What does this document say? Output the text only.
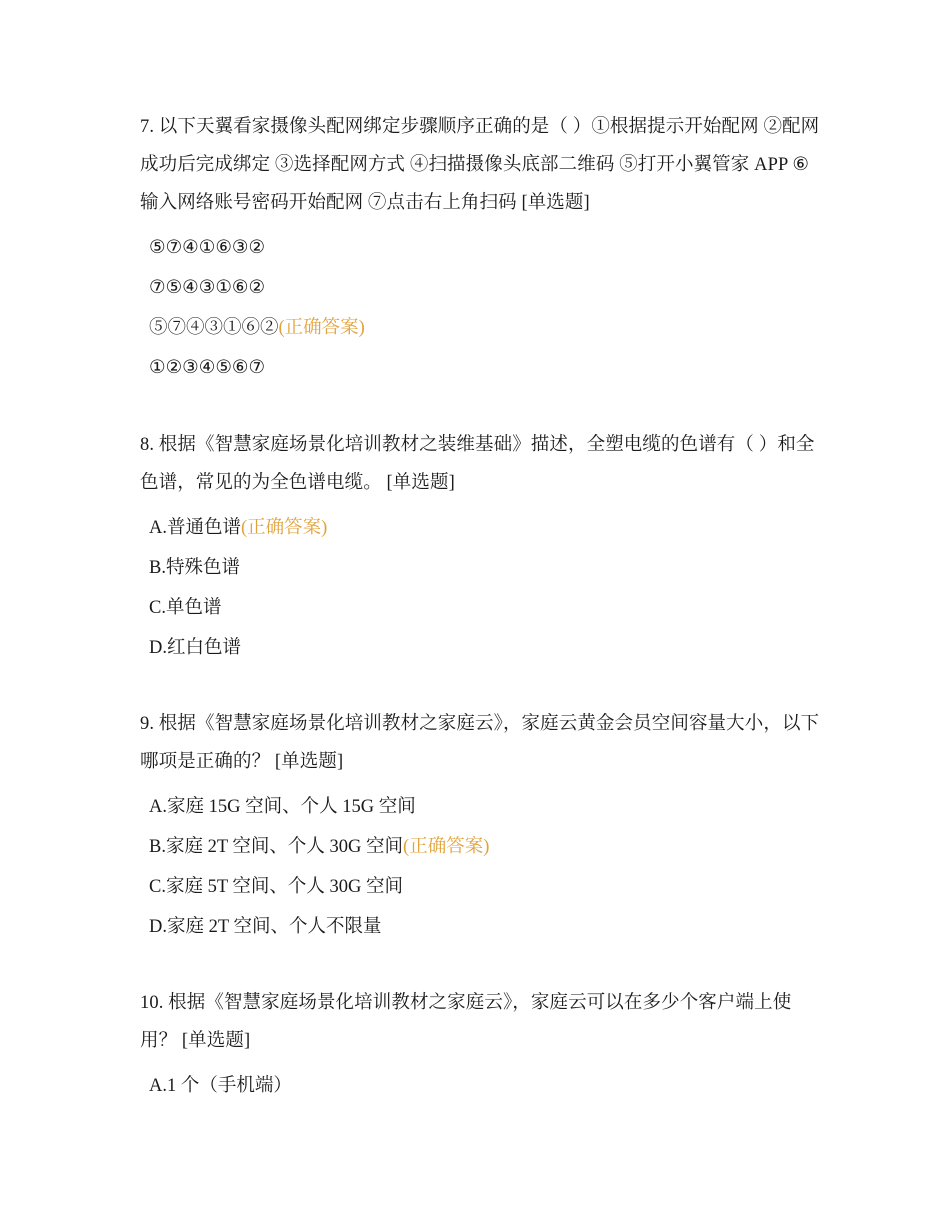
7. 以下天翼看家摄像头配网绑定步骤顺序正确的是（ ）①根据提示开始配网 ②配网成功后完成绑定 ③选择配网方式 ④扫描摄像头底部二维码 ⑤打开小翼管家 APP ⑥ 输入网络账号密码开始配网 ⑦点击右上角扫码 [单选题]

⑤⑦④①⑥③②
⑦⑤④③①⑥②
⑤⑦④③①⑥②(正确答案)
①②③④⑤⑥⑦

8. 根据《智慧家庭场景化培训教材之装维基础》描述，全塑电缆的色谱有（ ）和全色谱，常见的为全色谱电缆。 [单选题]

A.普通色谱(正确答案)
B.特殊色谱
C.单色谱
D.红白色谱

9. 根据《智慧家庭场景化培训教材之家庭云》，家庭云黄金会员空间容量大小，以下哪项是正确的？ [单选题]

A.家庭 15G 空间、个人 15G 空间
B.家庭 2T 空间、个人 30G 空间(正确答案)
C.家庭 5T 空间、个人 30G 空间
D.家庭 2T 空间、个人不限量

10. 根据《智慧家庭场景化培训教材之家庭云》，家庭云可以在多少个客户端上使用？ [单选题]

A.1 个（手机端）
